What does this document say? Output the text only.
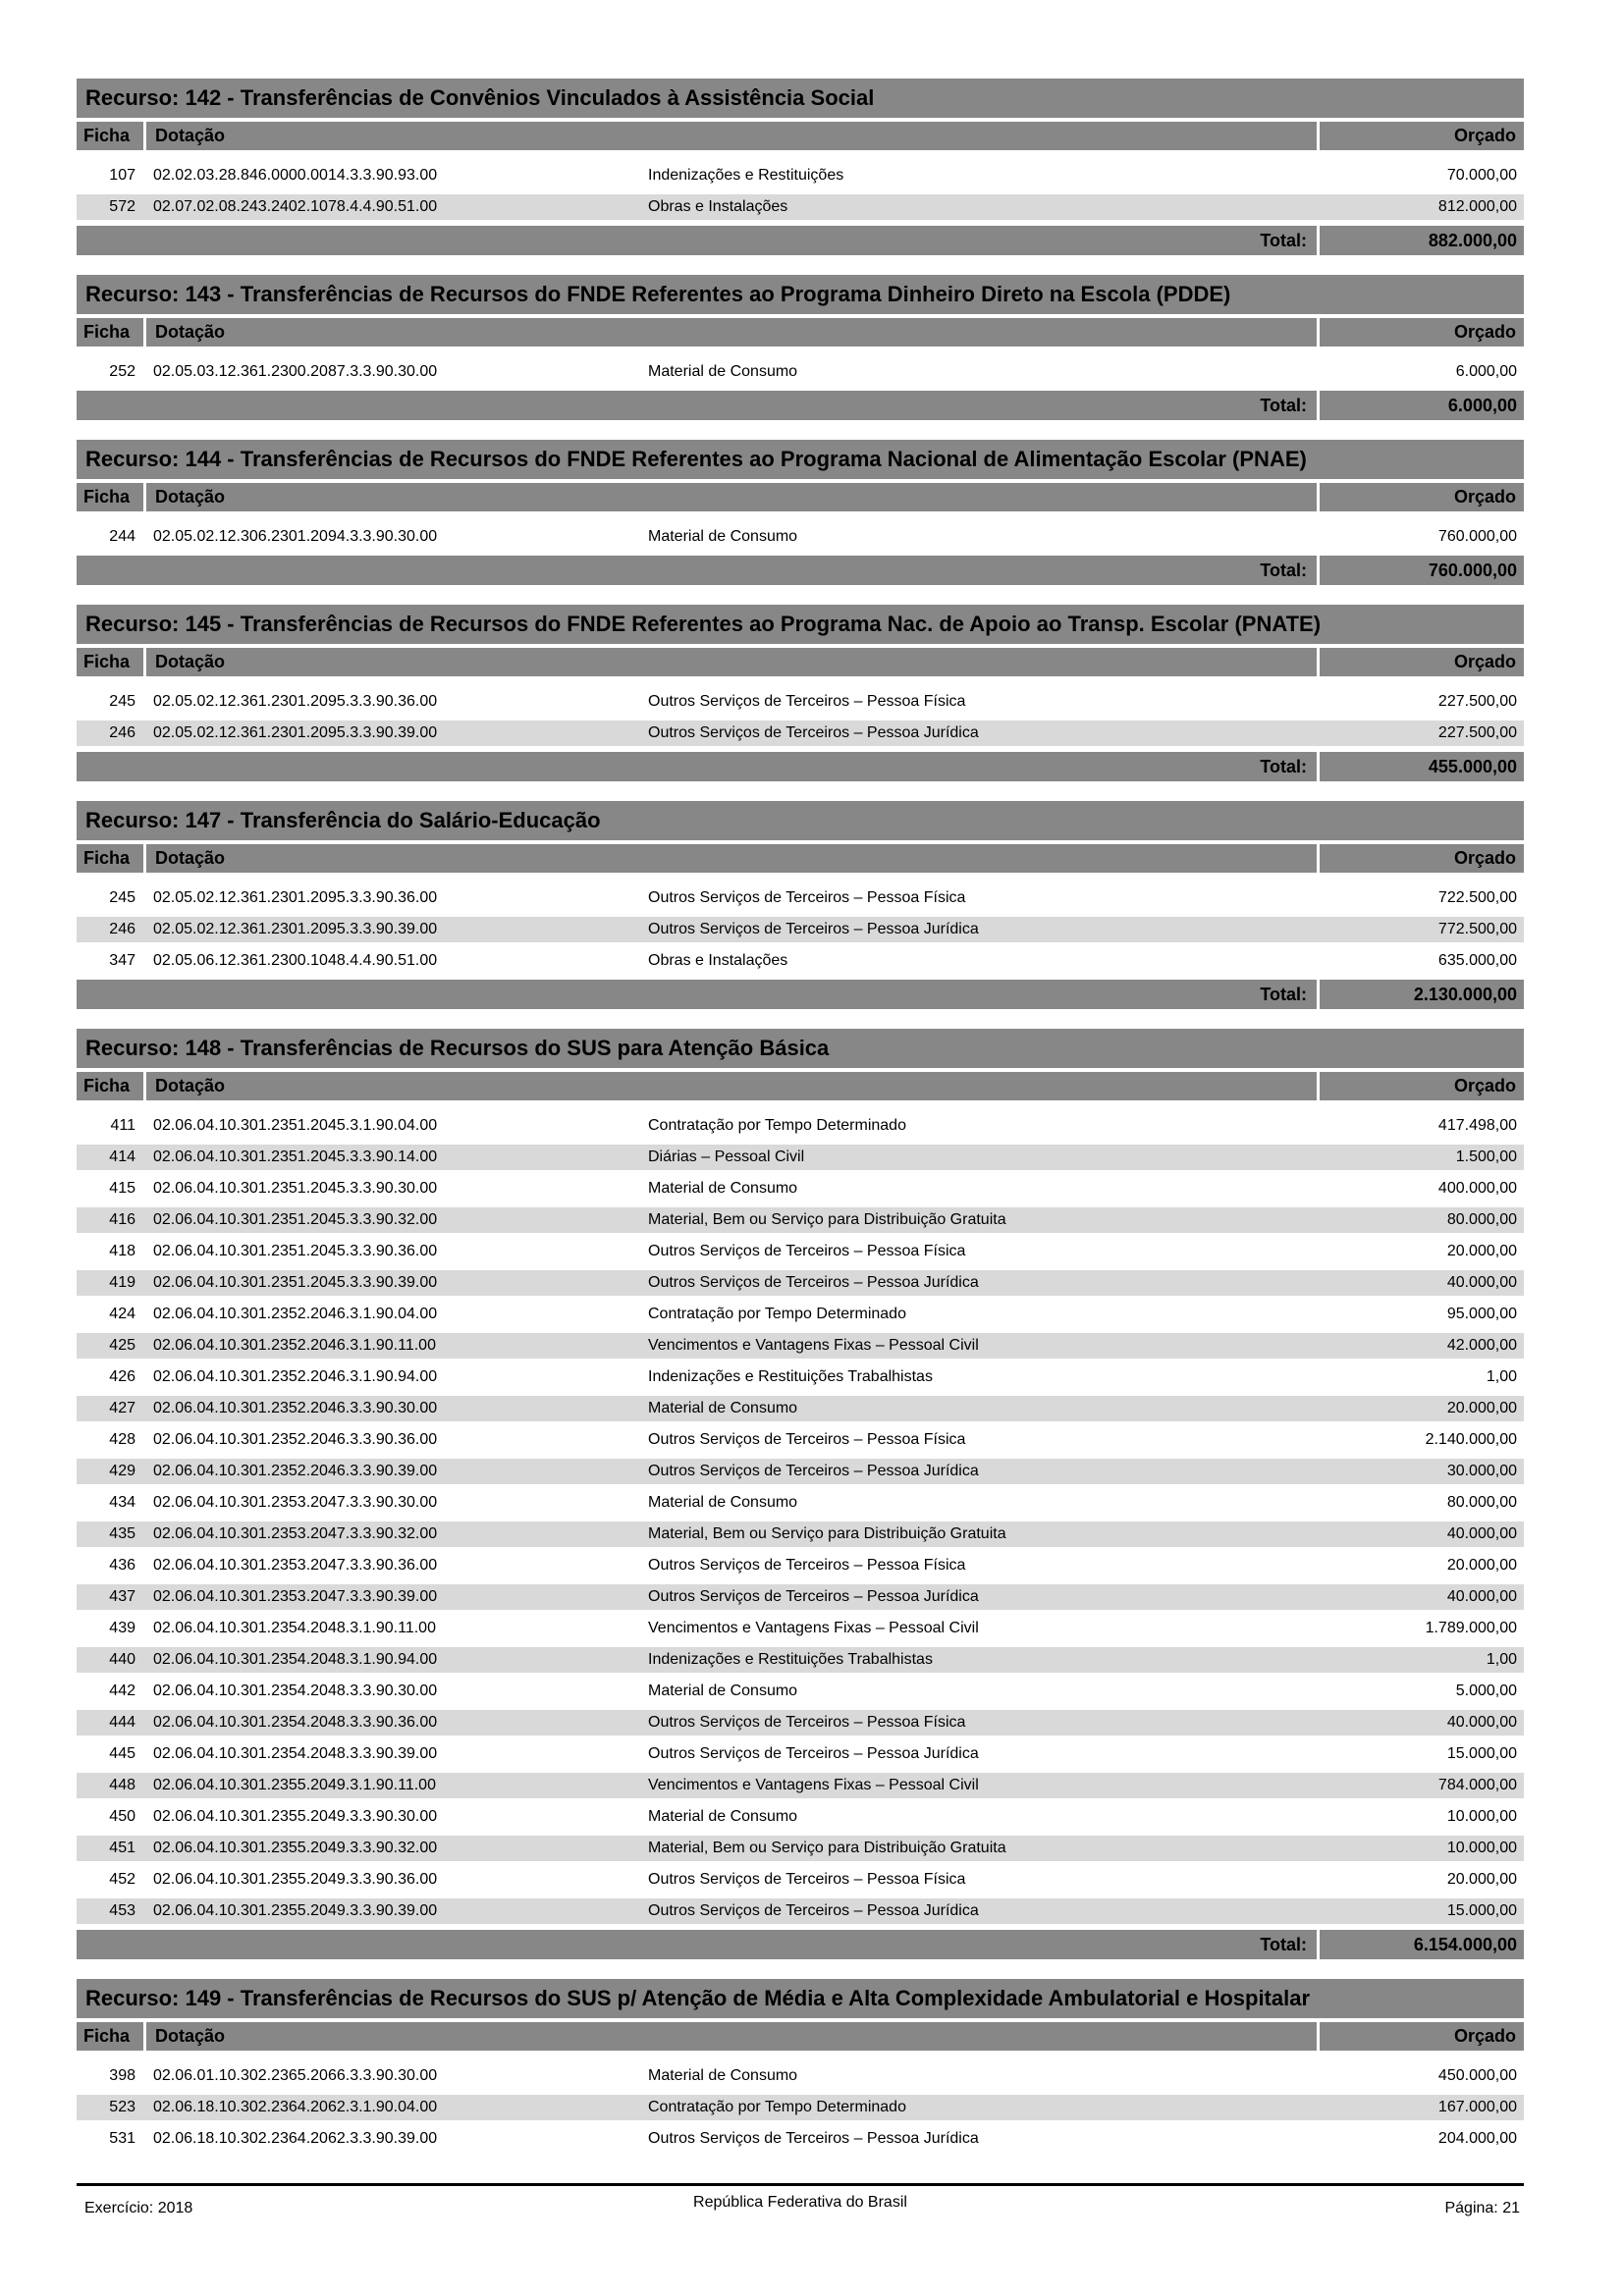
Recurso: 142 - Transferências de Convênios Vinculados à Assistência Social
Ficha	Dotação	Orçado
107	02.02.03.28.846.0000.0014.3.3.90.93.00	Indenizações e Restituições	70.000,00
572	02.07.02.08.243.2402.1078.4.4.90.51.00	Obras e Instalações	812.000,00
Total:	882.000,00
Recurso: 143 - Transferências de Recursos do FNDE Referentes ao Programa Dinheiro Direto na Escola (PDDE)
Ficha	Dotação	Orçado
252	02.05.03.12.361.2300.2087.3.3.90.30.00	Material de Consumo	6.000,00
Total:	6.000,00
Recurso: 144 - Transferências de Recursos do FNDE Referentes ao Programa Nacional de Alimentação Escolar (PNAE)
Ficha	Dotação	Orçado
244	02.05.02.12.306.2301.2094.3.3.90.30.00	Material de Consumo	760.000,00
Total:	760.000,00
Recurso: 145 - Transferências de Recursos do FNDE Referentes ao Programa Nac. de Apoio ao Transp. Escolar (PNATE)
Ficha	Dotação	Orçado
245	02.05.02.12.361.2301.2095.3.3.90.36.00	Outros Serviços de Terceiros – Pessoa Física	227.500,00
246	02.05.02.12.361.2301.2095.3.3.90.39.00	Outros Serviços de Terceiros – Pessoa Jurídica	227.500,00
Total:	455.000,00
Recurso: 147 - Transferência do Salário-Educação
Ficha	Dotação	Orçado
245	02.05.02.12.361.2301.2095.3.3.90.36.00	Outros Serviços de Terceiros – Pessoa Física	722.500,00
246	02.05.02.12.361.2301.2095.3.3.90.39.00	Outros Serviços de Terceiros – Pessoa Jurídica	772.500,00
347	02.05.06.12.361.2300.1048.4.4.90.51.00	Obras e Instalações	635.000,00
Total:	2.130.000,00
Recurso: 148 - Transferências de Recursos do SUS para Atenção Básica
Ficha	Dotação	Orçado
411	02.06.04.10.301.2351.2045.3.1.90.04.00	Contratação por Tempo Determinado	417.498,00
414	02.06.04.10.301.2351.2045.3.3.90.14.00	Diárias – Pessoal Civil	1.500,00
415	02.06.04.10.301.2351.2045.3.3.90.30.00	Material de Consumo	400.000,00
416	02.06.04.10.301.2351.2045.3.3.90.32.00	Material, Bem ou Serviço para Distribuição Gratuita	80.000,00
418	02.06.04.10.301.2351.2045.3.3.90.36.00	Outros Serviços de Terceiros – Pessoa Física	20.000,00
419	02.06.04.10.301.2351.2045.3.3.90.39.00	Outros Serviços de Terceiros – Pessoa Jurídica	40.000,00
424	02.06.04.10.301.2352.2046.3.1.90.04.00	Contratação por Tempo Determinado	95.000,00
425	02.06.04.10.301.2352.2046.3.1.90.11.00	Vencimentos e Vantagens Fixas – Pessoal Civil	42.000,00
426	02.06.04.10.301.2352.2046.3.1.90.94.00	Indenizações e Restituições Trabalhistas	1,00
427	02.06.04.10.301.2352.2046.3.3.90.30.00	Material de Consumo	20.000,00
428	02.06.04.10.301.2352.2046.3.3.90.36.00	Outros Serviços de Terceiros – Pessoa Física	2.140.000,00
429	02.06.04.10.301.2352.2046.3.3.90.39.00	Outros Serviços de Terceiros – Pessoa Jurídica	30.000,00
434	02.06.04.10.301.2353.2047.3.3.90.30.00	Material de Consumo	80.000,00
435	02.06.04.10.301.2353.2047.3.3.90.32.00	Material, Bem ou Serviço para Distribuição Gratuita	40.000,00
436	02.06.04.10.301.2353.2047.3.3.90.36.00	Outros Serviços de Terceiros – Pessoa Física	20.000,00
437	02.06.04.10.301.2353.2047.3.3.90.39.00	Outros Serviços de Terceiros – Pessoa Jurídica	40.000,00
439	02.06.04.10.301.2354.2048.3.1.90.11.00	Vencimentos e Vantagens Fixas – Pessoal Civil	1.789.000,00
440	02.06.04.10.301.2354.2048.3.1.90.94.00	Indenizações e Restituições Trabalhistas	1,00
442	02.06.04.10.301.2354.2048.3.3.90.30.00	Material de Consumo	5.000,00
444	02.06.04.10.301.2354.2048.3.3.90.36.00	Outros Serviços de Terceiros – Pessoa Física	40.000,00
445	02.06.04.10.301.2354.2048.3.3.90.39.00	Outros Serviços de Terceiros – Pessoa Jurídica	15.000,00
448	02.06.04.10.301.2355.2049.3.1.90.11.00	Vencimentos e Vantagens Fixas – Pessoal Civil	784.000,00
450	02.06.04.10.301.2355.2049.3.3.90.30.00	Material de Consumo	10.000,00
451	02.06.04.10.301.2355.2049.3.3.90.32.00	Material, Bem ou Serviço para Distribuição Gratuita	10.000,00
452	02.06.04.10.301.2355.2049.3.3.90.36.00	Outros Serviços de Terceiros – Pessoa Física	20.000,00
453	02.06.04.10.301.2355.2049.3.3.90.39.00	Outros Serviços de Terceiros – Pessoa Jurídica	15.000,00
Total:	6.154.000,00
Recurso: 149 - Transferências de Recursos do SUS p/ Atenção de Média e Alta Complexidade Ambulatorial e Hospitalar
Ficha	Dotação	Orçado
398	02.06.01.10.302.2365.2066.3.3.90.30.00	Material de Consumo	450.000,00
523	02.06.18.10.302.2364.2062.3.1.90.04.00	Contratação por Tempo Determinado	167.000,00
531	02.06.18.10.302.2364.2062.3.3.90.39.00	Outros Serviços de Terceiros – Pessoa Jurídica	204.000,00
Exercício: 2018	República Federativa do Brasil	Página: 21
